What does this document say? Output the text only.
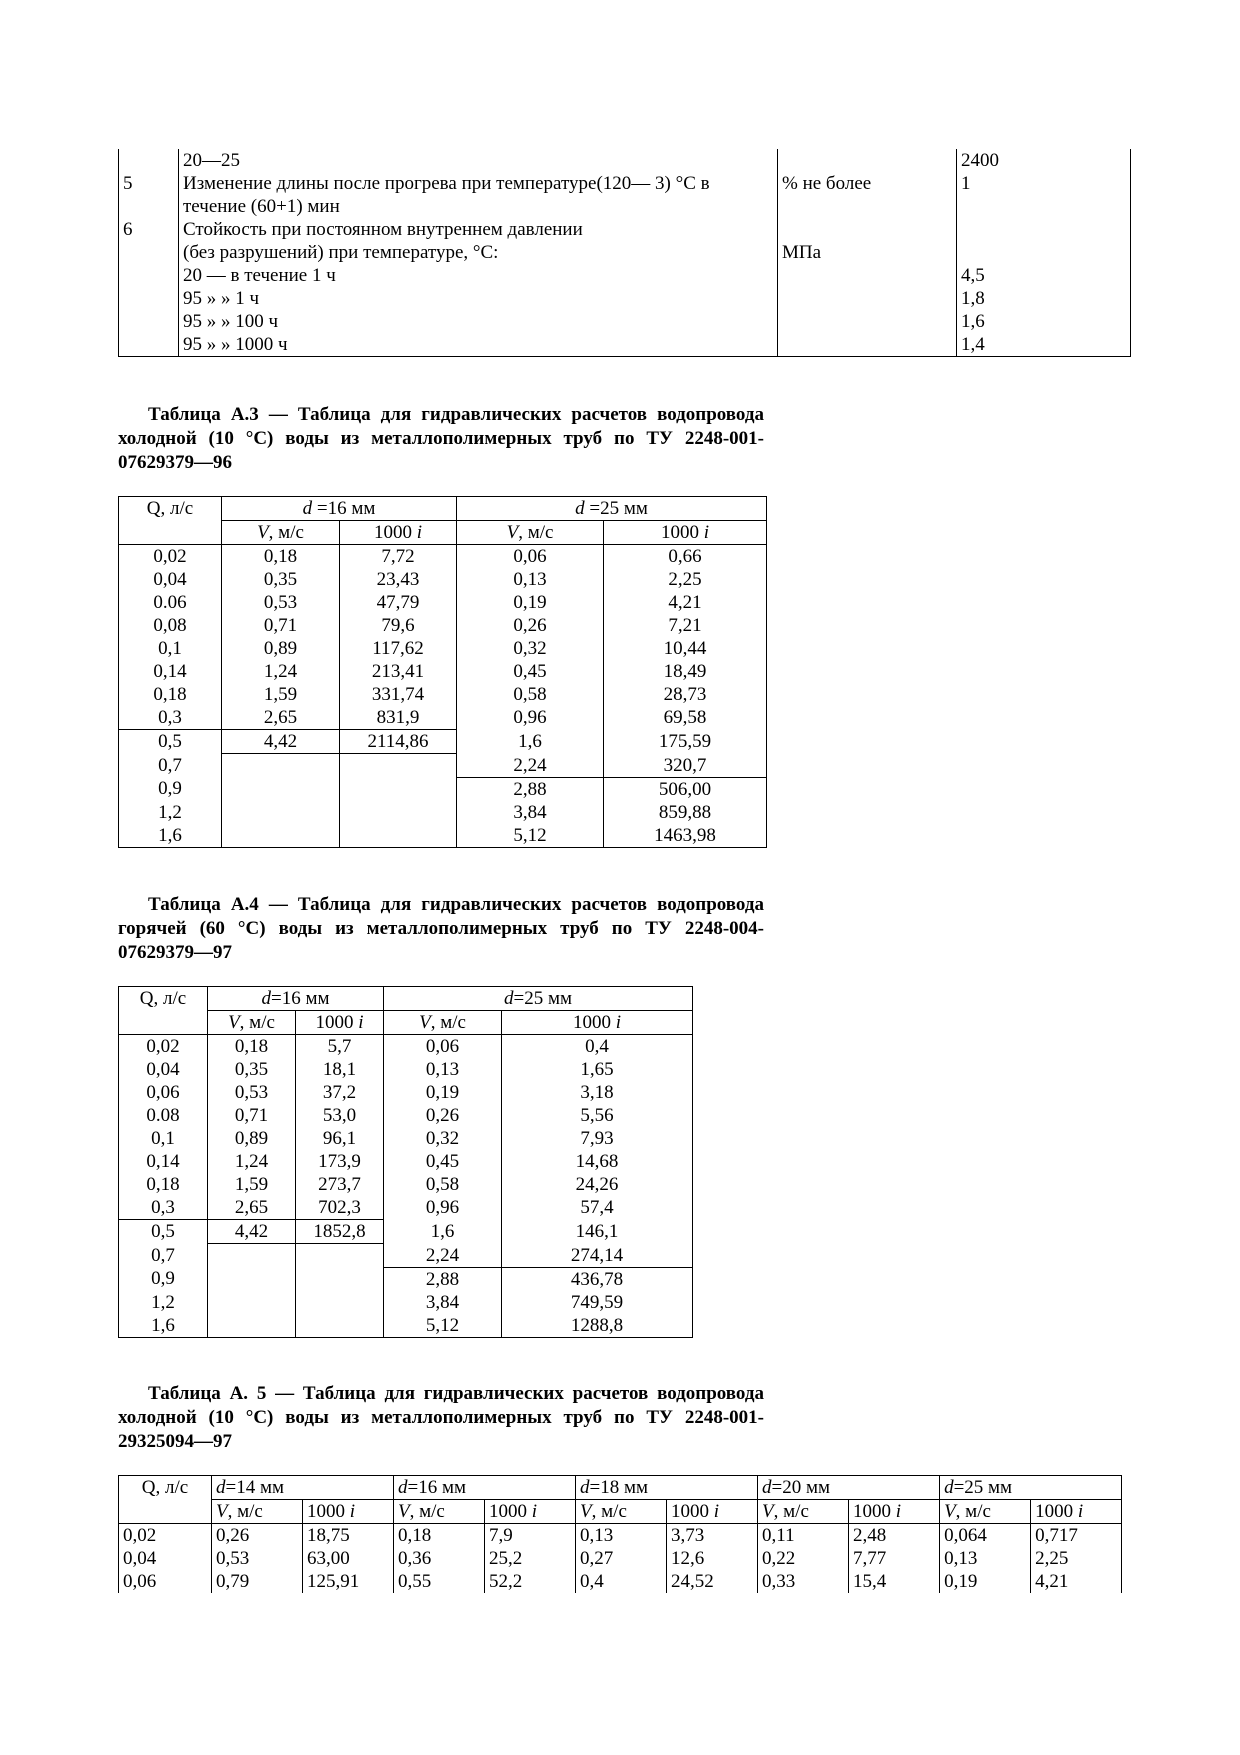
	20—25		2400
5	Изменение длины после прогрева при температуре(120— 3) °С в	% не более	1
	течение (60+1) мин		
6	Стойкость при постоянном внутреннем давлении		
	(без разрушений) при температуре, °С:	МПа	
	20 — в течение 1 ч		4,5
	95 » » 1 ч		1,8
	95 » » 100 ч		1,6
	95 » » 1000 ч		1,4
Таблица А.3 — Таблица для гидравлических расчетов водопровода холодной (10 °С) воды из металлополимерных труб по ТУ 2248-001-07629379—96
Q, л/с	d =16 мм		d =25 мм	
	V, м/с	1000 i	V, м/с	1000 i
0,02	0,18	7,72	0,06	0,66
0,04	0,35	23,43	0,13	2,25
0.06	0,53	47,79	0,19	4,21
0,08	0,71	79,6	0,26	7,21
0,1	0,89	117,62	0,32	10,44
0,14	1,24	213,41	0,45	18,49
0,18	1,59	331,74	0,58	28,73
0,3	2,65	831,9	0,96	69,58
0,5	4,42	2114,86	1,6	175,59
0,7			2,24	320,7
0,9			2,88	506,00
1,2			3,84	859,88
1,6			5,12	1463,98
Таблица А.4 — Таблица для гидравлических расчетов водопровода горячей (60 °С) воды из металлополимерных труб по ТУ 2248-004-07629379—97
Q, л/с	d=16 мм		d=25 мм	
	V, м/с	1000 i	V, м/с	1000 i
0,02	0,18	5,7	0,06	0,4
0,04	0,35	18,1	0,13	1,65
0,06	0,53	37,2	0,19	3,18
0.08	0,71	53,0	0,26	5,56
0,1	0,89	96,1	0,32	7,93
0,14	1,24	173,9	0,45	14,68
0,18	1,59	273,7	0,58	24,26
0,3	2,65	702,3	0,96	57,4
0,5	4,42	1852,8	1,6	146,1
0,7			2,24	274,14
0,9			2,88	436,78
1,2			3,84	749,59
1,6			5,12	1288,8
Таблица А. 5 — Таблица для гидравлических расчетов водопровода холодной (10 °С) воды из металлополимерных труб по ТУ 2248-001-29325094—97
Q, л/с	d=14 мм		d=16 мм		d=18 мм		d=20 мм		d=25 мм	
	V, м/с	1000 i	V, м/с	1000 i	V, м/с	1000 i	V, м/с	1000 i	V, м/с	1000 i
0,02	0,26	18,75	0,18	7,9	0,13	3,73	0,11	2,48	0,064	0,717
0,04	0,53	63,00	0,36	25,2	0,27	12,6	0,22	7,77	0,13	2,25
0,06	0,79	125,91	0,55	52,2	0,4	24,52	0,33	15,4	0,19	4,21
